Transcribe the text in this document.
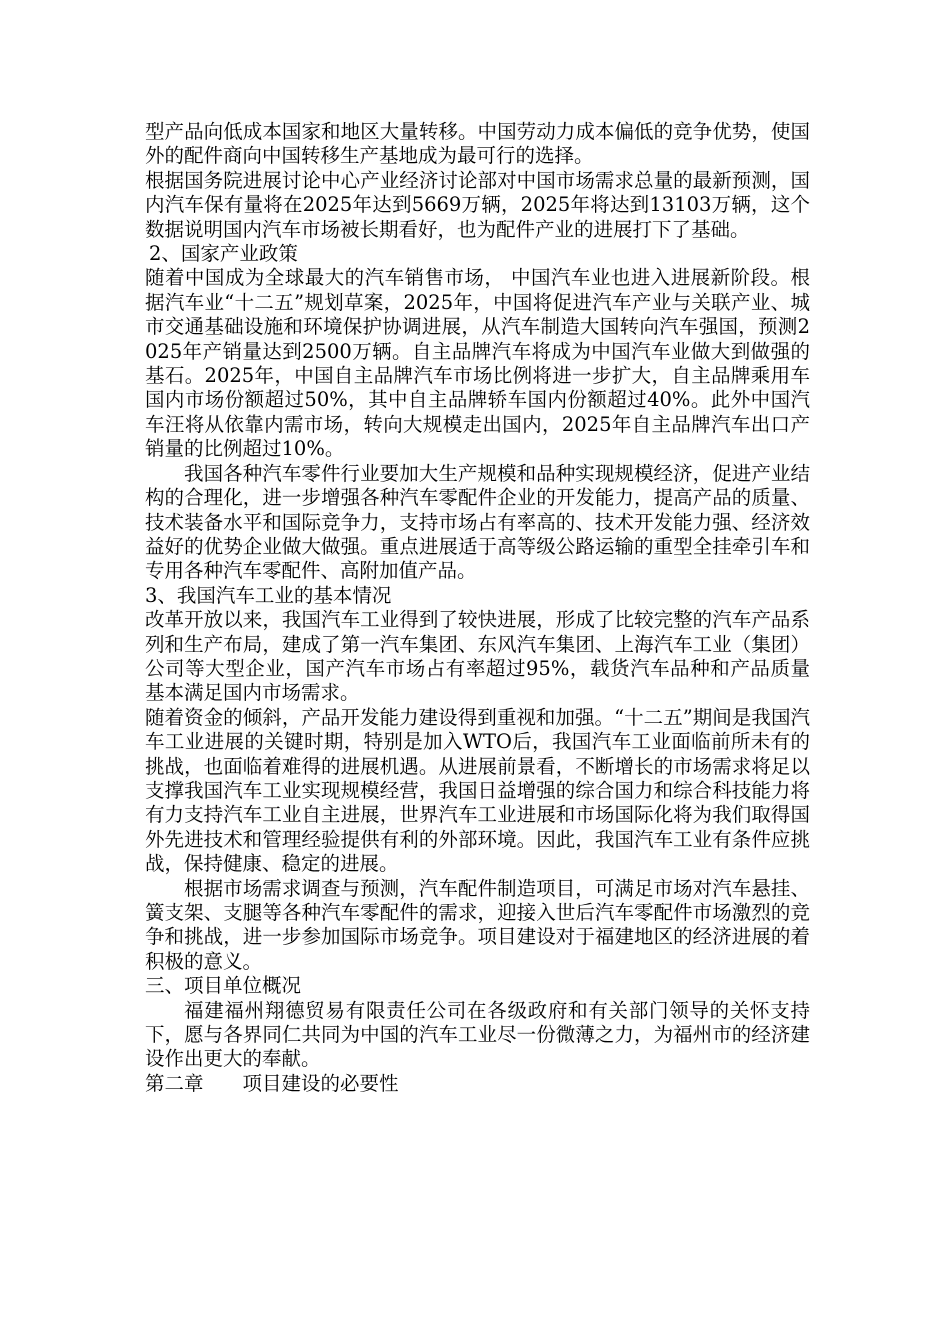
型产品向低成本国家和地区大量转移。中国劳动力成本偏低的竞争优势，使国外的配件商向中国转移生产基地成为最可行的选择。

根据国务院进展讨论中心产业经济讨论部对中国市场需求总量的最新预测，国内汽车保有量将在2025年达到5669万辆，2025年将达到13103万辆，这个数据说明国内汽车市场被长期看好，也为配件产业的进展打下了基础。

2、国家产业政策

随着中国成为全球最大的汽车销售市场， 中国汽车业也进入进展新阶段。根据汽车业“十二五”规划草案，2025年，中国将促进汽车产业与关联产业、城市交通基础设施和环境保护协调进展，从汽车制造大国转向汽车强国，预测2025年产销量达到2500万辆。自主品牌汽车将成为中国汽车业做大到做强的基石。2025年，中国自主品牌汽车市场比例将进一步扩大，自主品牌乘用车国内市场份额超过50%，其中自主品牌轿车国内份额超过40%。此外中国汽车汪将从依靠内需市场，转向大规模走出国内，2025年自主品牌汽车出口产销量的比例超过10%。

我国各种汽车零件行业要加大生产规模和品种实现规模经济，促进产业结构的合理化，进一步增强各种汽车零配件企业的开发能力，提高产品的质量、技术装备水平和国际竞争力，支持市场占有率高的、技术开发能力强、经济效益好的优势企业做大做强。重点进展适于高等级公路运输的重型全挂牵引车和专用各种汽车零配件、高附加值产品。

3、我国汽车工业的基本情况

改革开放以来，我国汽车工业得到了较快进展，形成了比较完整的汽车产品系列和生产布局，建成了第一汽车集团、东风汽车集团、上海汽车工业（集团）公司等大型企业，国产汽车市场占有率超过95%，载货汽车品种和产品质量基本满足国内市场需求。

随着资金的倾斜，产品开发能力建设得到重视和加强。“十二五”期间是我国汽车工业进展的关键时期，特别是加入WTO后，我国汽车工业面临前所未有的挑战，也面临着难得的进展机遇。从进展前景看，不断增长的市场需求将足以支撑我国汽车工业实现规模经营，我国日益增强的综合国力和综合科技能力将有力支持汽车工业自主进展，世界汽车工业进展和市场国际化将为我们取得国外先进技术和管理经验提供有利的外部环境。因此，我国汽车工业有条件应挑战，保持健康、稳定的进展。

根据市场需求调查与预测，汽车配件制造项目，可满足市场对汽车悬挂、簧支架、支腿等各种汽车零配件的需求，迎接入世后汽车零配件市场激烈的竞争和挑战，进一步参加国际市场竞争。项目建设对于福建地区的经济进展的着积极的意义。

三、项目单位概况

福建福州翔德贸易有限责任公司在各级政府和有关部门领导的关怀支持下，愿与各界同仁共同为中国的汽车工业尽一份微薄之力，为福州市的经济建设作出更大的奉献。

第二章　　项目建设的必要性
